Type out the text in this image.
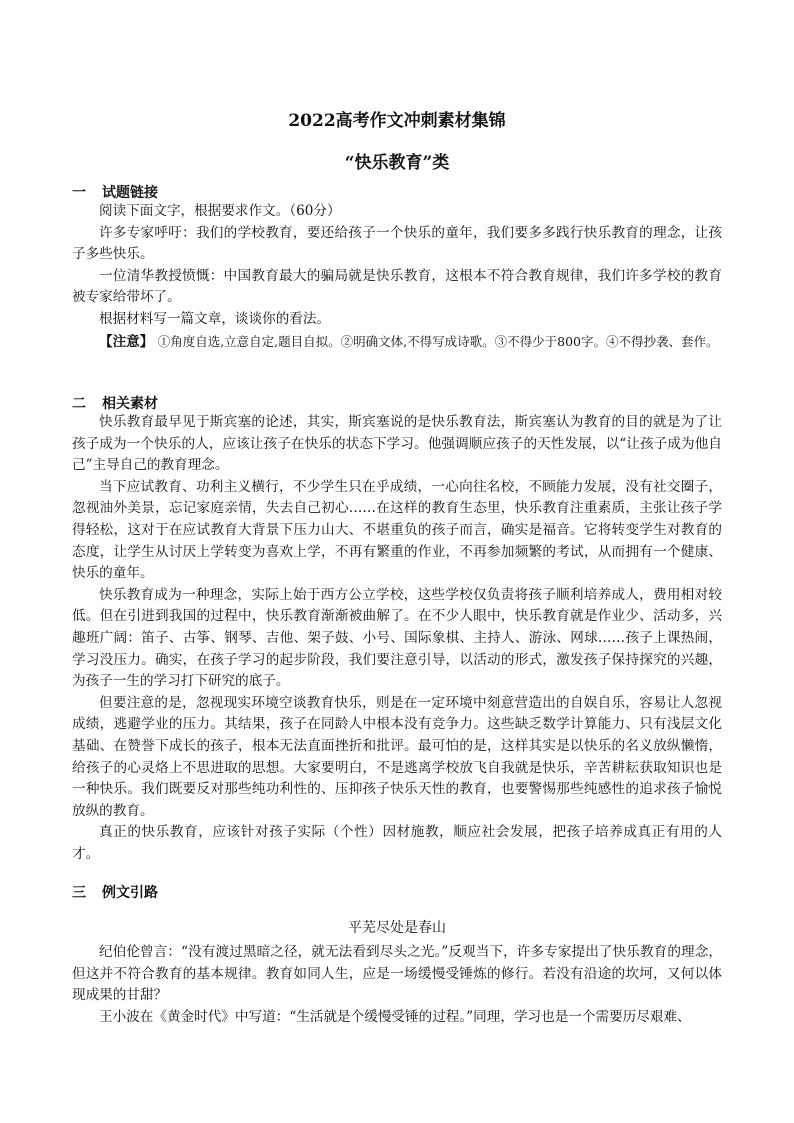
2022高考作文冲刺素材集锦
“快乐教育”类
一 试题链接

阅读下面文字，根据要求作文。（60分）

许多专家呼吁：我们的学校教育，要还给孩子一个快乐的童年，我们要多多践行快乐教育的理念，让孩子多些快乐。

一位清华教授愤慨：中国教育最大的骗局就是快乐教育，这根本不符合教育规律，我们许多学校的教育被专家给带坏了。

根据材料写一篇文章，谈谈你的看法。

【注意】 ①角度自选,立意自定,题目自拟。②明确文体,不得写成诗歌。③不得少于800字。④不得抄袭、套作。

二 相关素材

快乐教育最早见于斯宾塞的论述，其实，斯宾塞说的是快乐教育法，斯宾塞认为教育的目的就是为了让孩子成为一个快乐的人，应该让孩子在快乐的状态下学习。他强调顺应孩子的天性发展，以“让孩子成为他自己”主导自己的教育理念。

当下应试教育、功利主义横行，不少学生只在乎成绩，一心向往名校，不顾能力发展，没有社交圈子，忽视油外美景，忘记家庭亲情，失去自己初心……在这样的教育生态里，快乐教育注重素质，主张让孩子学得轻松，这对于在应试教育大背景下压力山大、不堪重负的孩子而言，确实是福音。它将转变学生对教育的态度，让学生从讨厌上学转变为喜欢上学，不再有繁重的作业，不再参加频繁的考试，从而拥有一个健康、快乐的童年。

快乐教育成为一种理念，实际上始于西方公立学校，这些学校仅负责将孩子顺利培养成人，费用相对较低。但在引进到我国的过程中，快乐教育渐渐被曲解了。在不少人眼中，快乐教育就是作业少、活动多，兴趣班广阔：笛子、古筝、钢琴、吉他、架子鼓、小号、国际象棋、主持人、游泳、网球……孩子上课热闹，学习没压力。确实，在孩子学习的起步阶段，我们要注意引导，以活动的形式，激发孩子保持探究的兴趣，为孩子一生的学习打下研究的底子。

但要注意的是，忽视现实环境空谈教育快乐，则是在一定环境中刻意营造出的自娱自乐，容易让人忽视成绩，逃避学业的压力。其结果，孩子在同龄人中根本没有竞争力。这些缺乏数学计算能力、只有浅层文化基础、在赞誉下成长的孩子，根本无法直面挫折和批评。最可怕的是，这样其实是以快乐的名义放纵懒惰，给孩子的心灵烙上不思进取的思想。大家要明白，不是逃离学校放飞自我就是快乐，辛苦耕耘获取知识也是一种快乐。我们既要反对那些纯功利性的、压抑孩子快乐天性的教育，也要警惕那些纯感性的追求孩子愉悦放纵的教育。

真正的快乐教育，应该针对孩子实际（个性）因材施教，顺应社会发展，把孩子培养成真正有用的人才。

三 例文引路
平芜尽处是春山

纪伯伦曾言：“没有渡过黑暗之径，就无法看到尽头之光。”反观当下，许多专家提出了快乐教育的理念，但这并不符合教育的基本规律。教育如同人生，应是一场缓慢受锤炼的修行。若没有沿途的坎坷，又何以体现成果的甘甜？

王小波在《黄金时代》中写道：“生活就是个缓慢受锤的过程。”同理，学习也是一个需要历尽艰难、
